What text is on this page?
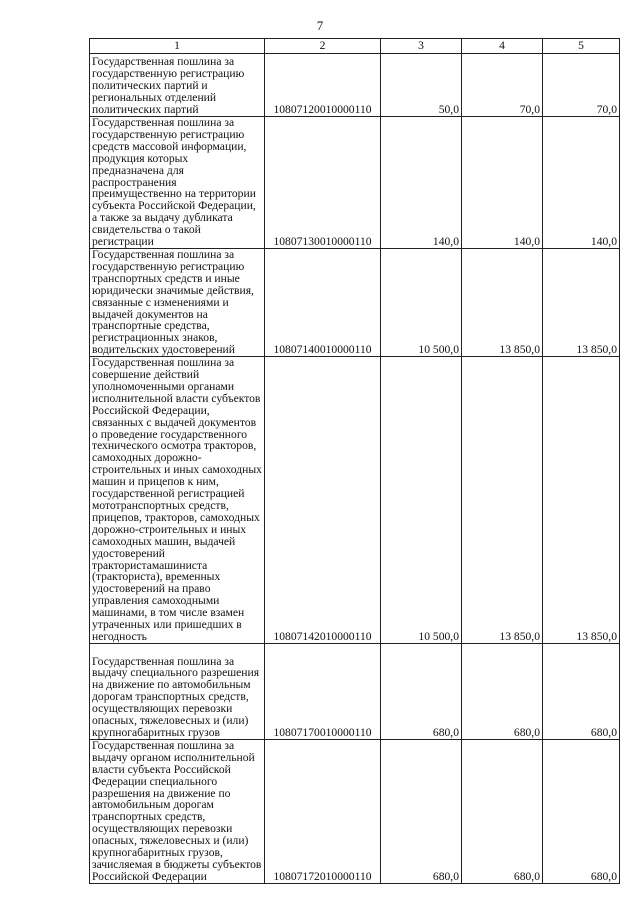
7
1	2	3	4	5
Государственная пошлина за государственную регистрацию политических партий и региональных отделений политических партий	10807120010000110	50,0	70,0	70,0
Государственная пошлина за государственную регистрацию средств массовой информации, продукция которых предназначена для распространения преимущественно на территории субъекта Российской Федерации, а также за выдачу дубликата свидетельства о такой регистрации	10807130010000110	140,0	140,0	140,0
Государственная пошлина за государственную регистрацию транспортных средств и иные юридически значимые действия, связанные с изменениями и выдачей документов на транспортные средства, регистрационных знаков, водительских удостоверений	10807140010000110	10 500,0	13 850,0	13 850,0
Государственная пошлина за совершение действий уполномоченными органами исполнительной власти субъектов Российской Федерации, связанных с выдачей документов о проведение государственного технического осмотра тракторов, самоходных дорожно-строительных и иных самоходных машин и прицепов к ним, государственной регистрацией мототранспортных средств, прицепов, тракторов, самоходных дорожно-строительных и иных самоходных машин, выдачей удостоверений трактористамашиниста (тракториста), временных удостоверений на право управления самоходными машинами, в том числе взамен утраченных или пришедших в негодность	10807142010000110	10 500,0	13 850,0	13 850,0
Государственная пошлина за выдачу специального разрешения на движение по автомобильным дорогам транспортных средств, осуществляющих перевозки опасных, тяжеловесных и (или) крупногабаритных грузов	10807170010000110	680,0	680,0	680,0
Государственная пошлина за выдачу органом исполнительной власти субъекта Российской Федерации специального разрешения на движение по автомобильным дорогам транспортных средств, осуществляющих перевозки опасных, тяжеловесных и (или) крупногабаритных грузов, зачисляемая в бюджеты субъектов Российской Федерации	10807172010000110	680,0	680,0	680,0
